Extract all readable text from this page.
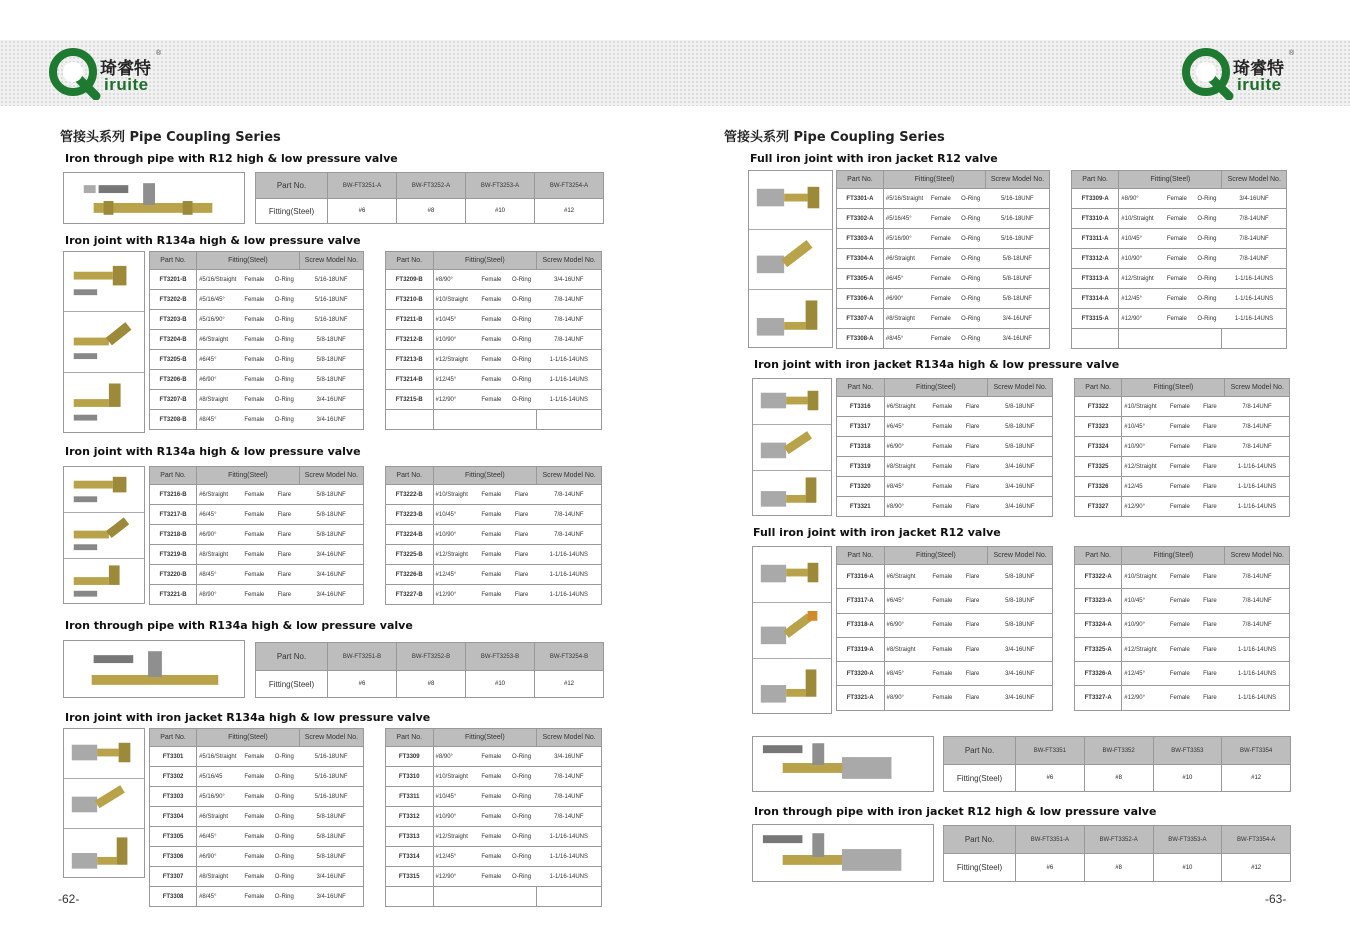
®
琦睿特
iruite
管接头系列 Pipe Coupling Series
Iron through pipe with R12 high & low pressure valve
Part No.	BW-FT3251-A	BW-FT3252-A	BW-FT3253-A	BW-FT3254-A
Fitting(Steel)	#6	#8	#10	#12
Iron joint with R134a high & low pressure valve
Part No.	Fitting(Steel)			Screw Model No.
FT3201-B	#5/16/Straight	Female	O-Ring	5/16-18UNF
FT3202-B	#5/16/45°	Female	O-Ring	5/16-18UNF
FT3203-B	#5/16/90°	Female	O-Ring	5/16-18UNF
FT3204-B	#6/Straight	Female	O-Ring	5/8-18UNF
FT3205-B	#6/45°	Female	O-Ring	5/8-18UNF
FT3206-B	#6/90°	Female	O-Ring	5/8-18UNF
FT3207-B	#8/Straight	Female	O-Ring	3/4-16UNF
FT3208-B	#8/45°	Female	O-Ring	3/4-16UNF
Part No.	Fitting(Steel)			Screw Model No.
FT3209-B	#8/90°	Female	O-Ring	3/4-16UNF
FT3210-B	#10/Straight	Female	O-Ring	7/8-14UNF
FT3211-B	#10/45°	Female	O-Ring	7/8-14UNF
FT3212-B	#10/90°	Female	O-Ring	7/8-14UNF
FT3213-B	#12/Straight	Female	O-Ring	1-1/16-14UNS
FT3214-B	#12/45°	Female	O-Ring	1-1/16-14UNS
FT3215-B	#12/90°	Female	O-Ring	1-1/16-14UNS

Iron joint with R134a high & low pressure valve
Part No.	Fitting(Steel)			Screw Model No.
FT3216-B	#6/Straight	Female	Flare	5/8-18UNF
FT3217-B	#6/45°	Female	Flare	5/8-18UNF
FT3218-B	#6/90°	Female	Flare	5/8-18UNF
FT3219-B	#8/Straight	Female	Flare	3/4-16UNF
FT3220-B	#8/45°	Female	Flare	3/4-16UNF
FT3221-B	#8/90°	Female	Flare	3/4-16UNF
Part No.	Fitting(Steel)			Screw Model No.
FT3222-B	#10/Straight	Female	Flare	7/8-14UNF
FT3223-B	#10/45°	Female	Flare	7/8-14UNF
FT3224-B	#10/90°	Female	Flare	7/8-14UNF
FT3225-B	#12/Straight	Female	Flare	1-1/16-14UNS
FT3226-B	#12/45°	Female	Flare	1-1/16-14UNS
FT3227-B	#12/90°	Female	Flare	1-1/16-14UNS
Iron through pipe with R134a high & low pressure valve
Part No.	BW-FT3251-B	BW-FT3252-B	BW-FT3253-B	BW-FT3254-B
Fitting(Steel)	#6	#8	#10	#12
Iron joint with iron jacket R134a high & low pressure valve
Part No.	Fitting(Steel)			Screw Model No.
FT3301	#5/16/Straight	Female	O-Ring	5/16-18UNF
FT3302	#5/16/45	Female	O-Ring	5/16-18UNF
FT3303	#5/16/90°	Female	O-Ring	5/16-18UNF
FT3304	#6/Straight	Female	O-Ring	5/8-18UNF
FT3305	#6/45°	Female	O-Ring	5/8-18UNF
FT3306	#6/90°	Female	O-Ring	5/8-18UNF
FT3307	#8/Straight	Female	O-Ring	3/4-16UNF
FT3308	#8/45°	Female	O-Ring	3/4-16UNF
Part No.	Fitting(Steel)			Screw Model No.
FT3309	#8/90°	Female	O-Ring	3/4-16UNF
FT3310	#10/Straight	Female	O-Ring	7/8-14UNF
FT3311	#10/45°	Female	O-Ring	7/8-14UNF
FT3312	#10/90°	Female	O-Ring	7/8-14UNF
FT3313	#12/Straight	Female	O-Ring	1-1/16-14UNS
FT3314	#12/45°	Female	O-Ring	1-1/16-14UNS
FT3315	#12/90°	Female	O-Ring	1-1/16-14UNS

-62-
®
琦睿特
iruite
管接头系列 Pipe Coupling Series
Full iron joint with iron jacket R12 valve
Part No.	Fitting(Steel)			Screw Model No.
FT3301-A	#5/16/Straight	Female	O-Ring	5/16-18UNF
FT3302-A	#5/16/45°	Female	O-Ring	5/16-18UNF
FT3303-A	#5/16/90°	Female	O-Ring	5/16-18UNF
FT3304-A	#6/Straight	Female	O-Ring	5/8-18UNF
FT3305-A	#6/45°	Female	O-Ring	5/8-18UNF
FT3306-A	#6/90°	Female	O-Ring	5/8-18UNF
FT3307-A	#8/Straight	Female	O-Ring	3/4-16UNF
FT3308-A	#8/45°	Female	O-Ring	3/4-16UNF
Part No.	Fitting(Steel)			Screw Model No.
FT3309-A	#8/90°	Female	O-Ring	3/4-16UNF
FT3310-A	#10/Straight	Female	O-Ring	7/8-14UNF
FT3311-A	#10/45°	Female	O-Ring	7/8-14UNF
FT3312-A	#10/90°	Female	O-Ring	7/8-14UNF
FT3313-A	#12/Straight	Female	O-Ring	1-1/16-14UNS
FT3314-A	#12/45°	Female	O-Ring	1-1/16-14UNS
FT3315-A	#12/90°	Female	O-Ring	1-1/16-14UNS

Iron joint with iron jacket R134a high & low pressure valve
Part No.	Fitting(Steel)			Screw Model No.
FT3316	#6/Straight	Female	Flare	5/8-18UNF
FT3317	#6/45°	Female	Flare	5/8-18UNF
FT3318	#6/90°	Female	Flare	5/8-18UNF
FT3319	#8/Straight	Female	Flare	3/4-16UNF
FT3320	#8/45°	Female	Flare	3/4-16UNF
FT3321	#8/90°	Female	Flare	3/4-16UNF
Part No.	Fitting(Steel)			Screw Model No.
FT3322	#10/Straight	Female	Flare	7/8-14UNF
FT3323	#10/45°	Female	Flare	7/8-14UNF
FT3324	#10/90°	Female	Flare	7/8-14UNF
FT3325	#12/Straight	Female	Flare	1-1/16-14UNS
FT3326	#12/45	Female	Flare	1-1/16-14UNS
FT3327	#12/90°	Female	Flare	1-1/16-14UNS
Full iron joint with iron jacket R12 valve
Part No.	Fitting(Steel)			Screw Model No.
FT3316-A	#6/Straight	Female	Flare	5/8-18UNF
FT3317-A	#6/45°	Female	Flare	5/8-18UNF
FT3318-A	#6/90°	Female	Flare	5/8-18UNF
FT3319-A	#8/Straight	Female	Flare	3/4-16UNF
FT3320-A	#8/45°	Female	Flare	3/4-16UNF
FT3321-A	#8/90°	Female	Flare	3/4-16UNF
Part No.	Fitting(Steel)			Screw Model No.
FT3322-A	#10/Straight	Female	Flare	7/8-14UNF
FT3323-A	#10/45°	Female	Flare	7/8-14UNF
FT3324-A	#10/90°	Female	Flare	7/8-14UNF
FT3325-A	#12/Straight	Female	Flare	1-1/16-14UNS
FT3326-A	#12/45°	Female	Flare	1-1/16-14UNS
FT3327-A	#12/90°	Female	Flare	1-1/16-14UNS
Part No.	BW-FT3351	BW-FT3352	BW-FT3353	BW-FT3354
Fitting(Steel)	#6	#8	#10	#12
Iron through pipe with iron jacket R12 high & low pressure valve
Part No.	BW-FT3351-A	BW-FT3352-A	BW-FT3353-A	BW-FT3354-A
Fitting(Steel)	#6	#8	#10	#12
-63-
